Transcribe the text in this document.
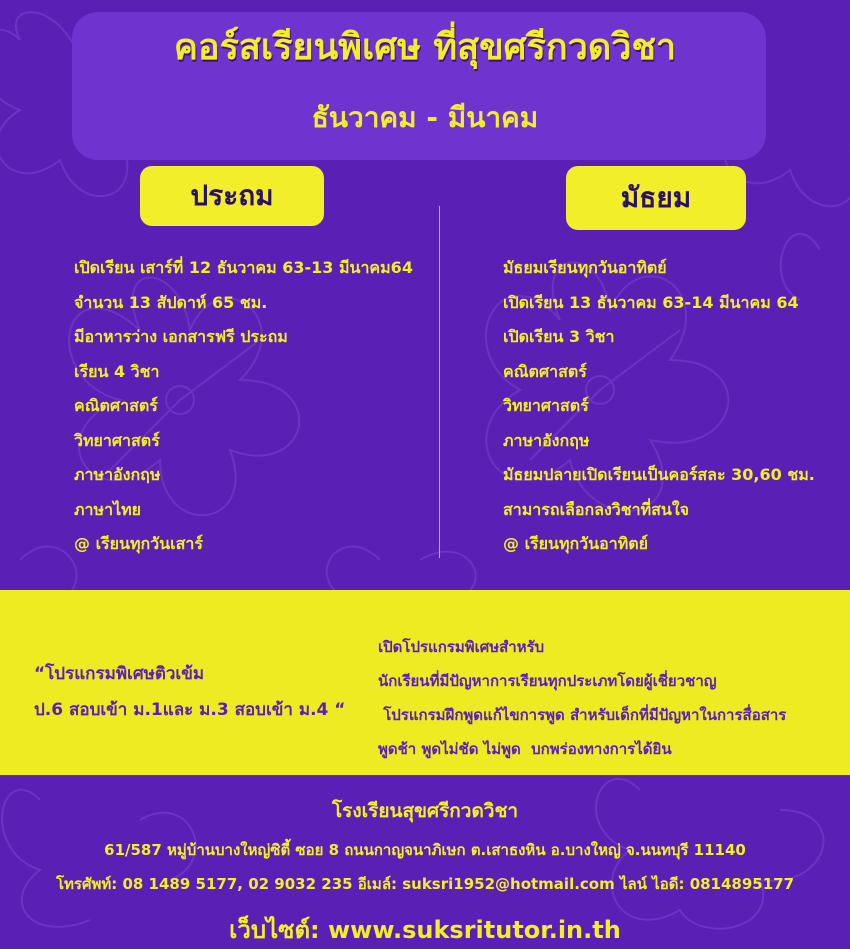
คอร์สเรียนพิเศษ ที่สุขศรีกวดวิชา
ธันวาคม - มีนาคม
ประถม	มัธยม
เปิดเรียน เสาร์ที่ 12 ธันวาคม 63-13 มีนาคม64
จำนวน 13 สัปดาห์ 65 ชม.
มีอาหารว่าง เอกสารฟรี ประถม
เรียน 4 วิชา
คณิตศาสตร์
วิทยาศาสตร์
ภาษาอังกฤษ
ภาษาไทย
@ เรียนทุกวันเสาร์
มัธยมเรียนทุกวันอาทิตย์
เปิดเรียน 13 ธันวาคม 63-14 มีนาคม 64
เปิดเรียน 3 วิชา
คณิตศาสตร์
วิทยาศาสตร์
ภาษาอังกฤษ
มัธยมปลายเปิดเรียนเป็นคอร์สละ 30,60 ชม.
สามารถเลือกลงวิชาที่สนใจ
@ เรียนทุกวันอาทิตย์
“โปรแกรมพิเศษติวเข้ม
ป.6 สอบเข้า ม.1และ ม.3 สอบเข้า ม.4 “
เปิดโปรแกรมพิเศษสำหรับ
นักเรียนที่มีปัญหาการเรียนทุกประเภทโดยผู้เชี่ยวชาญ
โปรแกรมฝึกพูดแก้ไขการพูด สำหรับเด็กที่มีปัญหาในการสื่อสาร
พูดช้า พูดไม่ชัด ไม่พูด  บกพร่องทางการได้ยิน
โรงเรียนสุขศรีกวดวิชา
61/587 หมู่บ้านบางใหญ่ซิตี้ ซอย 8 ถนนกาญจนาภิเษก ต.เสาธงหิน อ.บางใหญ่ จ.นนทบุรี 11140
โทรศัพท์: 08 1489 5177, 02 9032 235 อีเมล์: suksri1952@hotmail.com ไลน์ ไอดี: 0814895177
เว็บไซต์: www.suksritutor.in.th
